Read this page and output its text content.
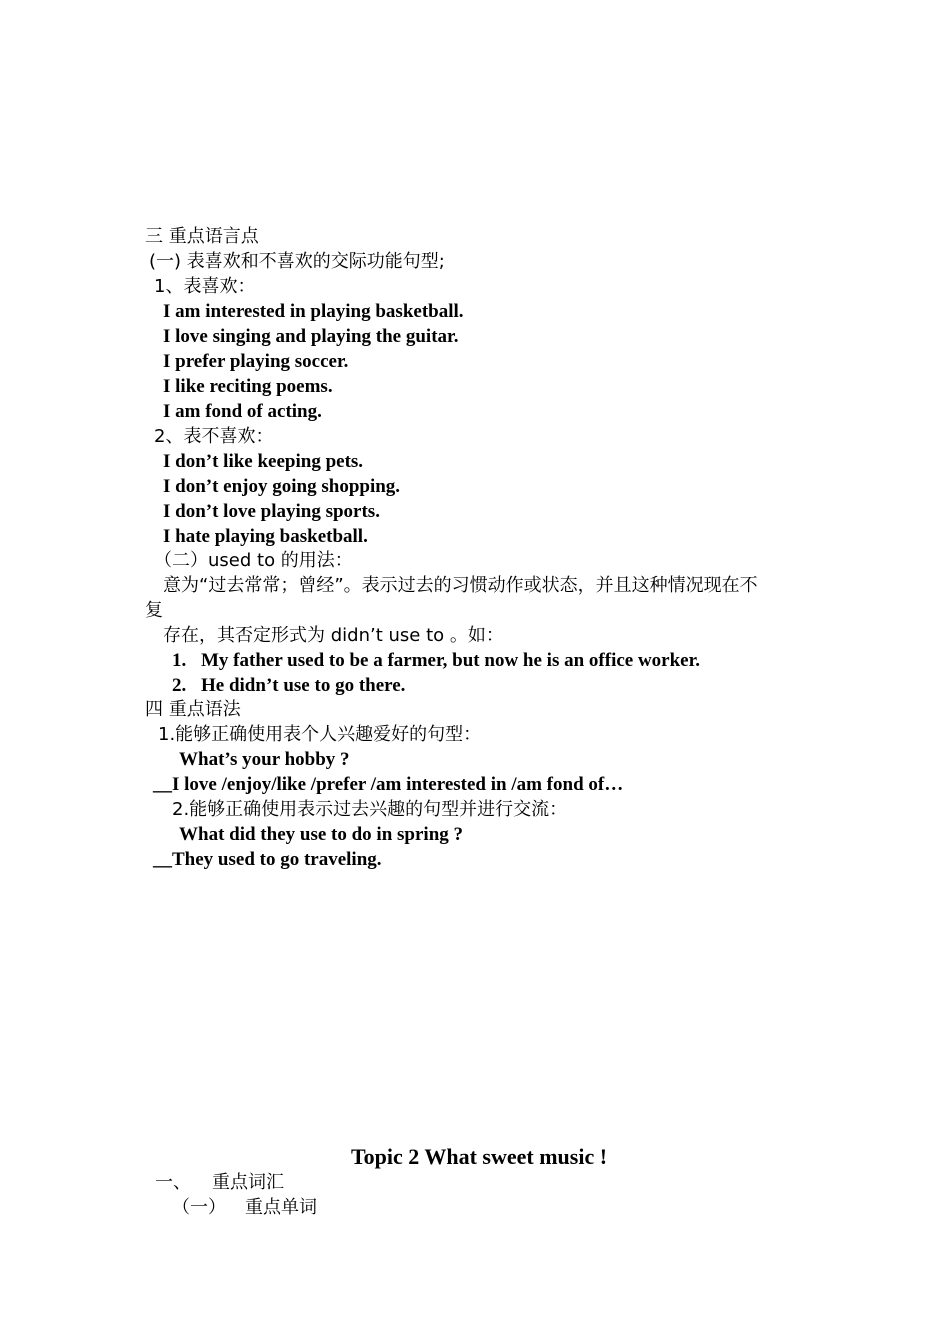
三 重点语言点
(一) 表喜欢和不喜欢的交际功能句型;
1、表喜欢：
I am interested in playing basketball.
I love singing and playing the guitar.
I prefer playing soccer.
I like reciting poems.
I am fond of acting.
2、表不喜欢：
I don’t like keeping pets.
I don’t enjoy going shopping.
I don’t love playing sports.
I hate playing basketball.
（二）used to 的用法：
意为“过去常常；曾经”。表示过去的习惯动作或状态，并且这种情况现在不
复
存在，其否定形式为 didn’t use to 。如：
1. My father used to be a farmer, but now he is an office worker.
2. He didn’t use to go there.
四 重点语法
1.能够正确使用表个人兴趣爱好的句型：
What’s your hobby ?
__I love /enjoy/like /prefer /am interested in /am fond of…
2.能够正确使用表示过去兴趣的句型并进行交流：
What did they use to do in spring ?
__They used to go traveling.
Topic 2 What sweet music !
一、 重点词汇
（一） 重点单词
